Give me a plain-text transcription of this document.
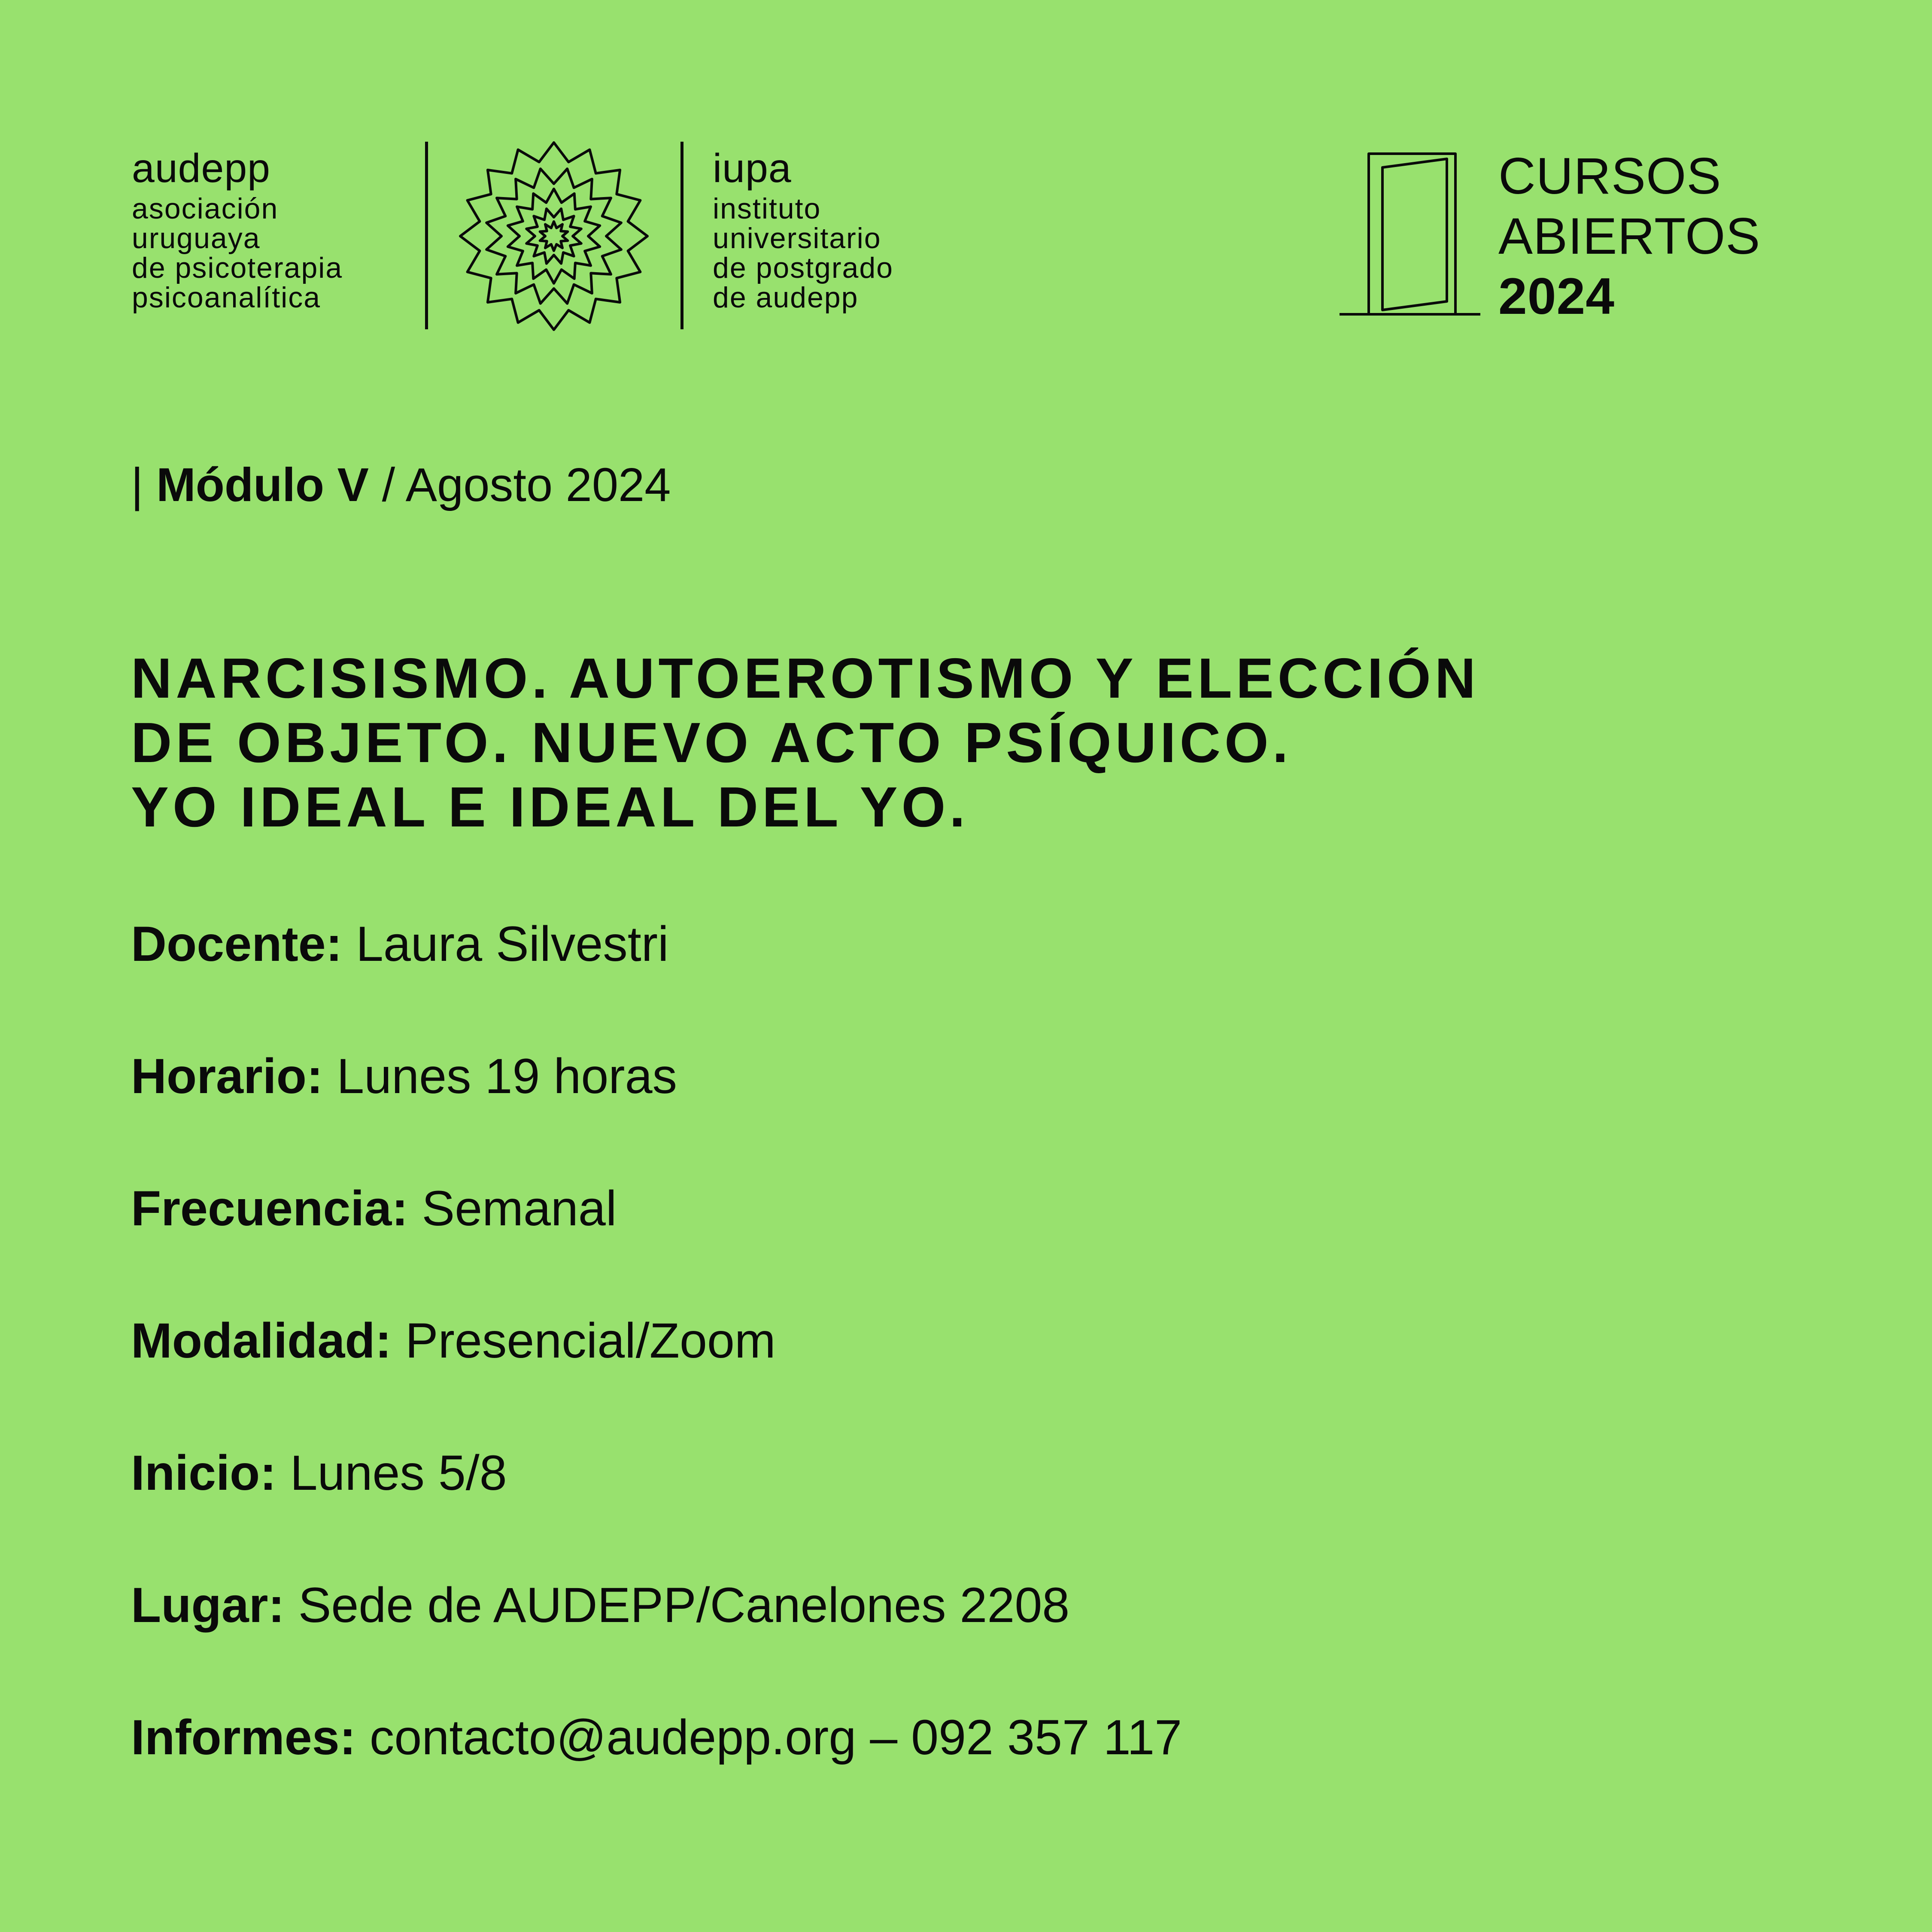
audepp
asociación
uruguaya
de psicoterapia
psicoanalítica
iupa
instituto
universitario
de postgrado
de audepp
CURSOS
ABIERTOS
2024
| Módulo V / Agosto 2024
NARCISISMO. AUTOEROTISMO Y ELECCIÓN
DE OBJETO. NUEVO ACTO PSÍQUICO.
YO IDEAL E IDEAL DEL YO.
Docente: Laura Silvestri
Horario: Lunes 19 horas
Frecuencia: Semanal
Modalidad: Presencial/Zoom
Inicio: Lunes 5/8
Lugar: Sede de AUDEPP/Canelones 2208
Informes: contacto@audepp.org – 092 357 117
